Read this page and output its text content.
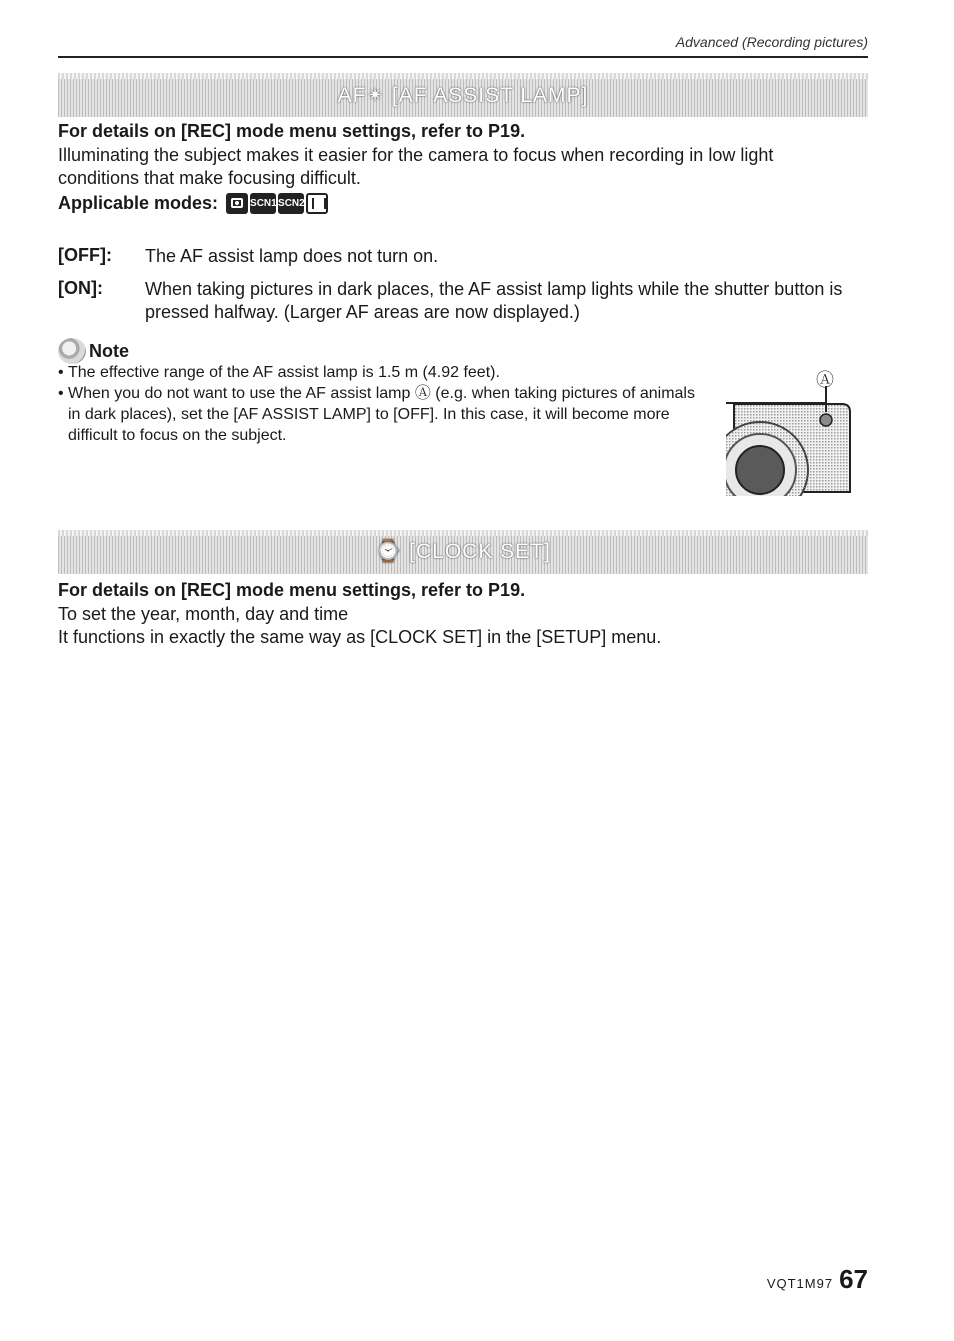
Advanced (Recording pictures)
AF✴ [AF ASSIST LAMP]
For details on [REC] mode menu settings, refer to P19.
Illuminating the subject makes it easier for the camera to focus when recording in low light
conditions that make focusing difficult.
Applicable modes:	SCN1 SCN2
[OFF]: The AF assist lamp does not turn on.
[ON]: When taking pictures in dark places, the AF assist lamp lights while the shutter button is pressed halfway. (Larger AF areas are now displayed.)
Note
• The effective range of the AF assist lamp is 1.5 m (4.92 feet).
• When you do not want to use the AF assist lamp Ⓐ (e.g. when taking pictures of animals in dark places), set the [AF ASSIST LAMP] to [OFF]. In this case, it will become more difficult to focus on the subject.
Ⓐ
⌚ [CLOCK SET]
For details on [REC] mode menu settings, refer to P19.
To set the year, month, day and time
It functions in exactly the same way as [CLOCK SET] in the [SETUP] menu.
VQT1M97 67
